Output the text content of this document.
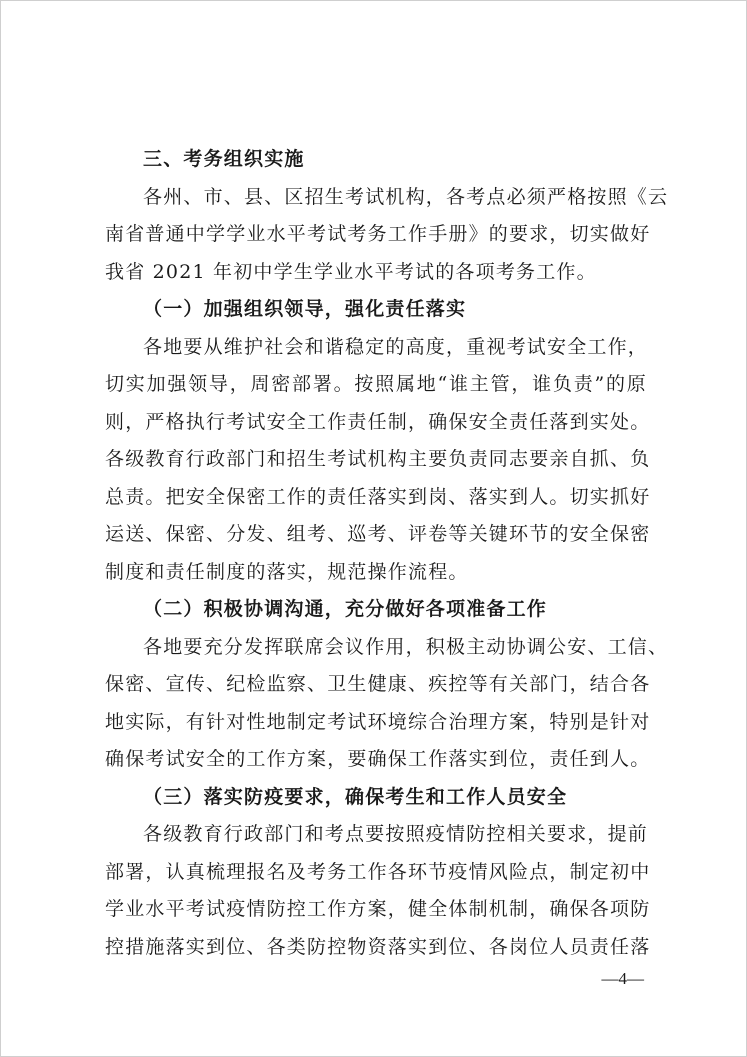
三、考务组织实施
各州、市、县、区招生考试机构，各考点必须严格按照《云
南省普通中学学业水平考试考务工作手册》的要求，切实做好
我省 2021 年初中学生学业水平考试的各项考务工作。
（一）加强组织领导，强化责任落实
各地要从维护社会和谐稳定的高度，重视考试安全工作，
切实加强领导，周密部署。按照属地“谁主管，谁负责”的原
则，严格执行考试安全工作责任制，确保安全责任落到实处。
各级教育行政部门和招生考试机构主要负责同志要亲自抓、负
总责。把安全保密工作的责任落实到岗、落实到人。切实抓好
运送、保密、分发、组考、巡考、评卷等关键环节的安全保密
制度和责任制度的落实，规范操作流程。
（二）积极协调沟通，充分做好各项准备工作
各地要充分发挥联席会议作用，积极主动协调公安、工信、
保密、宣传、纪检监察、卫生健康、疾控等有关部门，结合各
地实际，有针对性地制定考试环境综合治理方案，特别是针对
确保考试安全的工作方案，要确保工作落实到位，责任到人。
（三）落实防疫要求，确保考生和工作人员安全
各级教育行政部门和考点要按照疫情防控相关要求，提前
部署，认真梳理报名及考务工作各环节疫情风险点，制定初中
学业水平考试疫情防控工作方案，健全体制机制，确保各项防
控措施落实到位、各类防控物资落实到位、各岗位人员责任落
—4—
